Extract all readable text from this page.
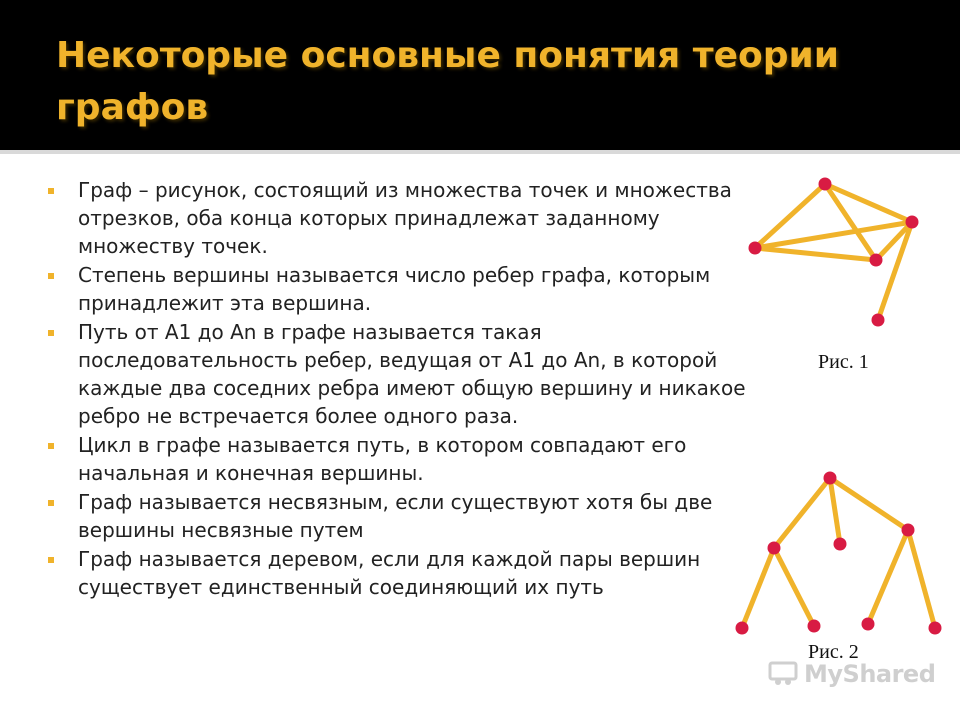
Некоторые основные понятия теории графов
Граф – рисунок, состоящий из множества точек и множества отрезков, оба конца которых принадлежат заданному множеству точек.
Степень вершины называется число ребер графа, которым принадлежит эта вершина.
Путь от A1 до An в графе называется такая последовательность ребер, ведущая от A1 до An, в которой каждые два соседних ребра имеют общую вершину и никакое ребро не встречается более одного раза.
Цикл в графе называется путь, в котором совпадают его начальная и конечная вершины.
Граф называется несвязным, если существуют хотя бы две вершины несвязные путем
Граф называется деревом, если для каждой пары вершин существует единственный соединяющий их путь
Рис. 1
Рис. 2
MyShared
